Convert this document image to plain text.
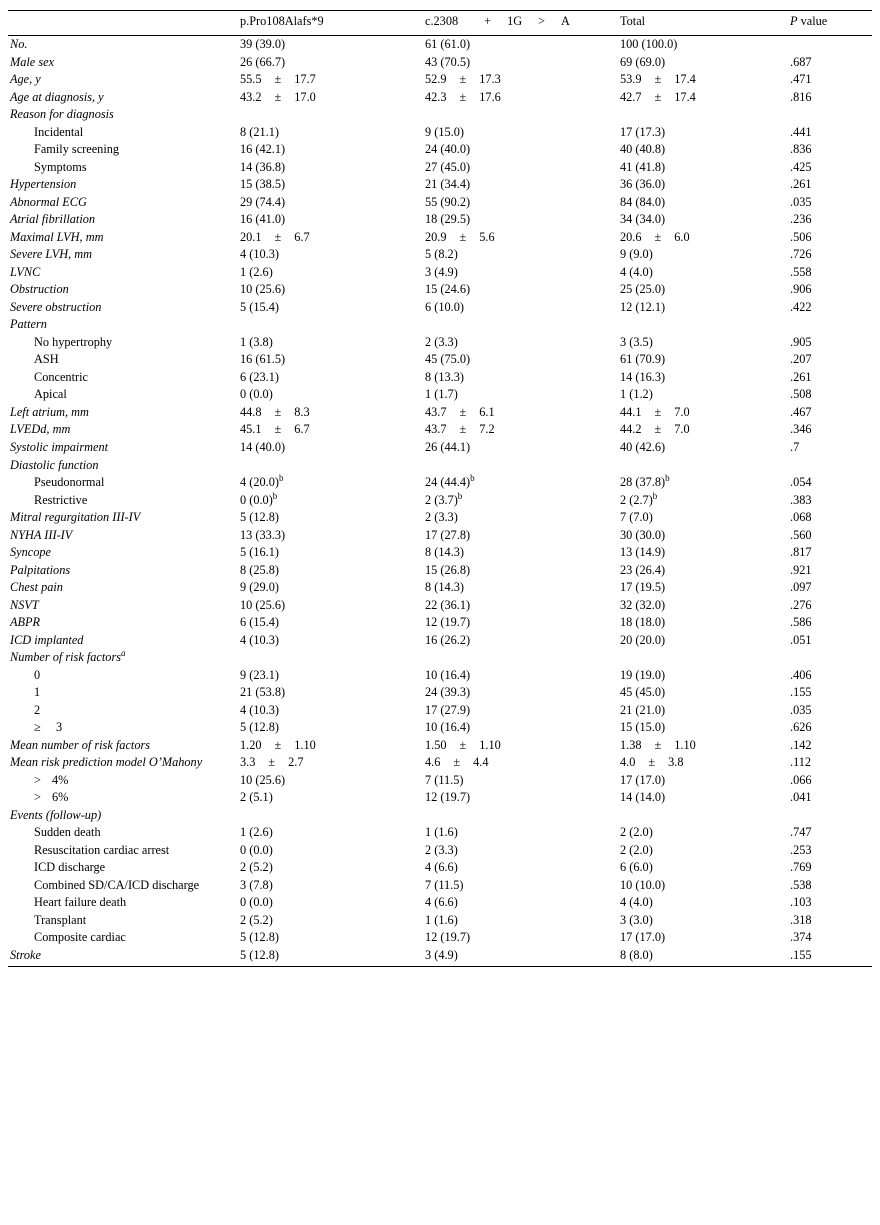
	p.Pro108Alafs*9	c.2308 + 1G > A	Total	P value
No.	39 (39.0)	61 (61.0)	100 (100.0)	
Male sex	26 (66.7)	43 (70.5)	69 (69.0)	.687
Age, y	55.5 ± 17.7	52.9 ± 17.3	53.9 ± 17.4	.471
Age at diagnosis, y	43.2 ± 17.0	42.3 ± 17.6	42.7 ± 17.4	.816
Reason for diagnosis				
Incidental	8 (21.1)	9 (15.0)	17 (17.3)	.441
Family screening	16 (42.1)	24 (40.0)	40 (40.8)	.836
Symptoms	14 (36.8)	27 (45.0)	41 (41.8)	.425
Hypertension	15 (38.5)	21 (34.4)	36 (36.0)	.261
Abnormal ECG	29 (74.4)	55 (90.2)	84 (84.0)	.035
Atrial fibrillation	16 (41.0)	18 (29.5)	34 (34.0)	.236
Maximal LVH, mm	20.1 ± 6.7	20.9 ± 5.6	20.6 ± 6.0	.506
Severe LVH, mm	4 (10.3)	5 (8.2)	9 (9.0)	.726
LVNC	1 (2.6)	3 (4.9)	4 (4.0)	.558
Obstruction	10 (25.6)	15 (24.6)	25 (25.0)	.906
Severe obstruction	5 (15.4)	6 (10.0)	12 (12.1)	.422
Pattern				
No hypertrophy	1 (3.8)	2 (3.3)	3 (3.5)	.905
ASH	16 (61.5)	45 (75.0)	61 (70.9)	.207
Concentric	6 (23.1)	8 (13.3)	14 (16.3)	.261
Apical	0 (0.0)	1 (1.7)	1 (1.2)	.508
Left atrium, mm	44.8 ± 8.3	43.7 ± 6.1	44.1 ± 7.0	.467
LVEDd, mm	45.1 ± 6.7	43.7 ± 7.2	44.2 ± 7.0	.346
Systolic impairment	14 (40.0)	26 (44.1)	40 (42.6)	.7
Diastolic function				
Pseudonormal	4 $(20.0)^b$	24 $(44.4)^b$	28 $(37.8)^b$	.054
Restrictive	0 $(0.0)^b$	2 $(3.7)^b$	2 $(2.7)^b$	.383
Mitral regurgitation III-IV	5 (12.8)	2 (3.3)	7 (7.0)	.068
NYHA III-IV	13 (33.3)	17 (27.8)	30 (30.0)	.560
Syncope	5 (16.1)	8 (14.3)	13 (14.9)	.817
Palpitations	8 (25.8)	15 (26.8)	23 (26.4)	.921
Chest pain	9 (29.0)	8 (14.3)	17 (19.5)	.097
NSVT	10 (25.6)	22 (36.1)	32 (32.0)	.276
ABPR	6 (15.4)	12 (19.7)	18 (18.0)	.586
ICD implanted	4 (10.3)	16 (26.2)	20 (20.0)	.051
Number of risk factors$^a$				
0	9 (23.1)	10 (16.4)	19 (19.0)	.406
1	21 (53.8)	24 (39.3)	45 (45.0)	.155
2	4 (10.3)	17 (27.9)	21 (21.0)	.035
≥ 3	5 (12.8)	10 (16.4)	15 (15.0)	.626
Mean number of risk factors	1.20 ± 1.10	1.50 ± 1.10	1.38 ± 1.10	.142
Mean risk prediction model O’Mahony	3.3 ± 2.7	4.6 ± 4.4	4.0 ± 3.8	.112
> 4%	10 (25.6)	7 (11.5)	17 (17.0)	.066
> 6%	2 (5.1)	12 (19.7)	14 (14.0)	.041
Events (follow-up)				
Sudden death	1 (2.6)	1 (1.6)	2 (2.0)	.747
Resuscitation cardiac arrest	0 (0.0)	2 (3.3)	2 (2.0)	.253
ICD discharge	2 (5.2)	4 (6.6)	6 (6.0)	.769
Combined SD/CA/ICD discharge	3 (7.8)	7 (11.5)	10 (10.0)	.538
Heart failure death	0 (0.0)	4 (6.6)	4 (4.0)	.103
Transplant	2 (5.2)	1 (1.6)	3 (3.0)	.318
Composite cardiac	5 (12.8)	12 (19.7)	17 (17.0)	.374
Stroke	5 (12.8)	3 (4.9)	8 (8.0)	.155
